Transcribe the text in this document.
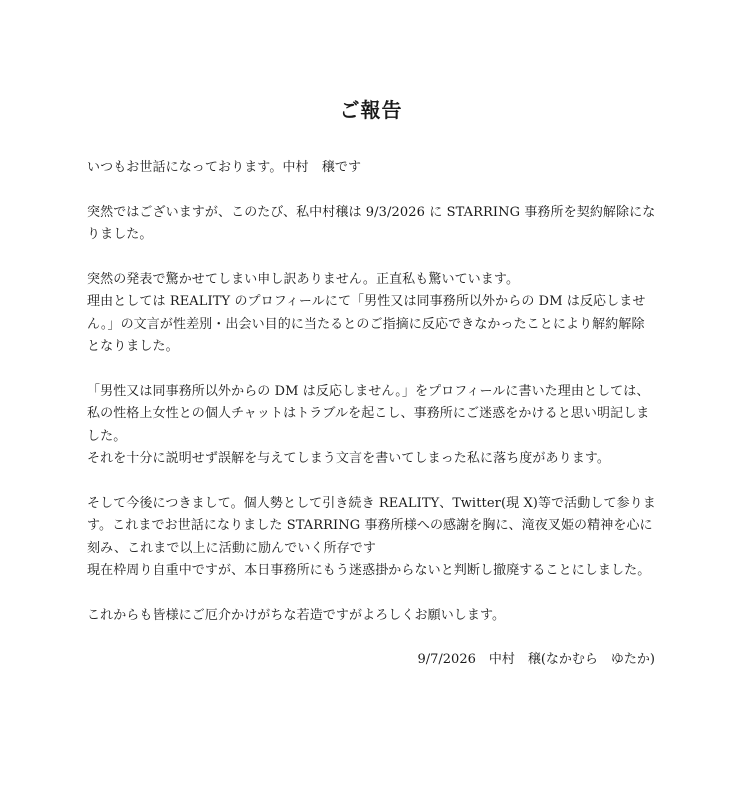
ご報告
いつもお世話になっております。中村　穣です
突然ではございますが、このたび、私中村穣は 9/3/2026 に STARRING 事務所を契約解除にな
りました。
突然の発表で驚かせてしまい申し訳ありません。正直私も驚いています。
理由としては REALITY のプロフィールにて「男性又は同事務所以外からの DM は反応しませ
ん。」の文言が性差別・出会い目的に当たるとのご指摘に反応できなかったことにより解約解除
となりました。
「男性又は同事務所以外からの DM は反応しません。」をプロフィールに書いた理由としては、
私の性格上女性との個人チャットはトラブルを起こし、事務所にご迷惑をかけると思い明記しま
した。
それを十分に説明せず誤解を与えてしまう文言を書いてしまった私に落ち度があります。
そして今後につきまして。個人勢として引き続き REALITY、Twitter(現 X)等で活動して参りま
す。これまでお世話になりました STARRING 事務所様への感謝を胸に、滝夜叉姫の精神を心に
刻み、これまで以上に活動に励んでいく所存です
現在枠周り自重中ですが、本日事務所にもう迷惑掛からないと判断し撤廃することにしました。
これからも皆様にご厄介かけがちな若造ですがよろしくお願いします。
9/7/2026　中村　穣(なかむら　ゆたか)
